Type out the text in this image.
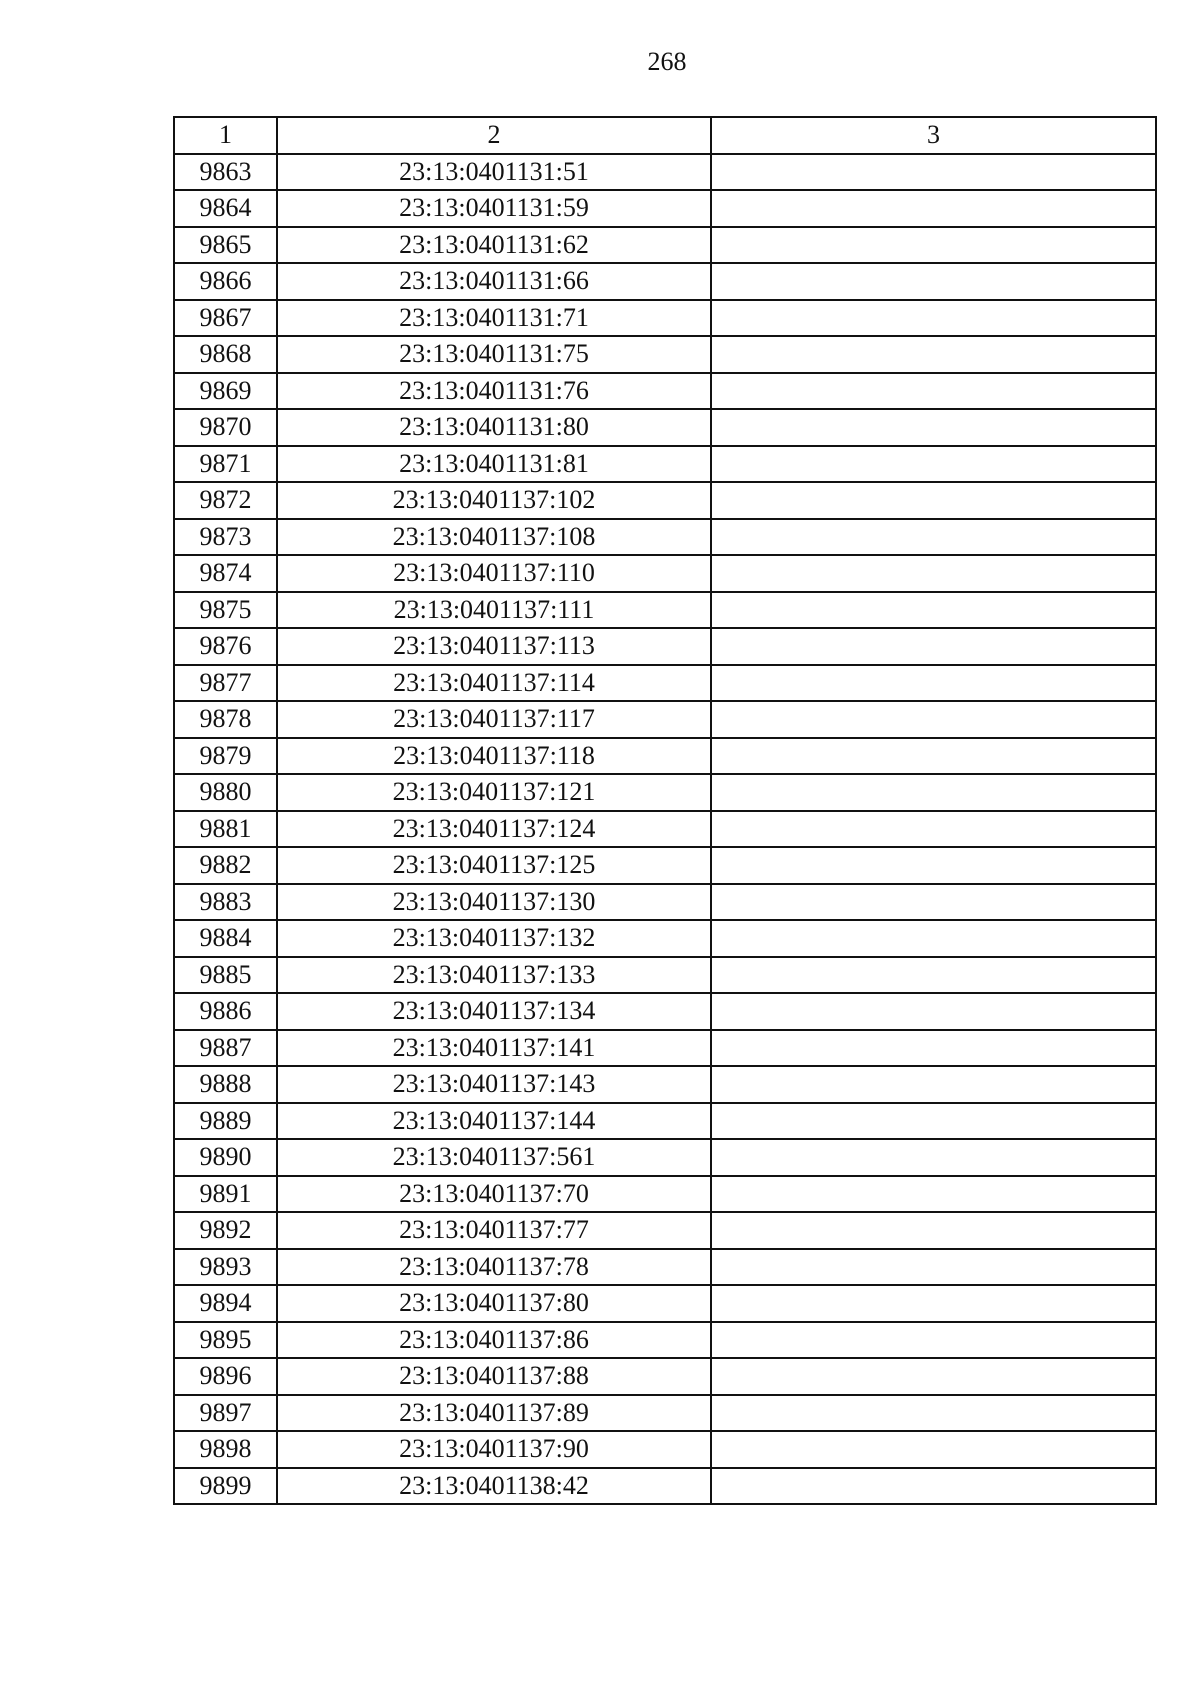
268
1	2	3
9863	23:13:0401131:51	
9864	23:13:0401131:59	
9865	23:13:0401131:62	
9866	23:13:0401131:66	
9867	23:13:0401131:71	
9868	23:13:0401131:75	
9869	23:13:0401131:76	
9870	23:13:0401131:80	
9871	23:13:0401131:81	
9872	23:13:0401137:102	
9873	23:13:0401137:108	
9874	23:13:0401137:110	
9875	23:13:0401137:111	
9876	23:13:0401137:113	
9877	23:13:0401137:114	
9878	23:13:0401137:117	
9879	23:13:0401137:118	
9880	23:13:0401137:121	
9881	23:13:0401137:124	
9882	23:13:0401137:125	
9883	23:13:0401137:130	
9884	23:13:0401137:132	
9885	23:13:0401137:133	
9886	23:13:0401137:134	
9887	23:13:0401137:141	
9888	23:13:0401137:143	
9889	23:13:0401137:144	
9890	23:13:0401137:561	
9891	23:13:0401137:70	
9892	23:13:0401137:77	
9893	23:13:0401137:78	
9894	23:13:0401137:80	
9895	23:13:0401137:86	
9896	23:13:0401137:88	
9897	23:13:0401137:89	
9898	23:13:0401137:90	
9899	23:13:0401138:42	
